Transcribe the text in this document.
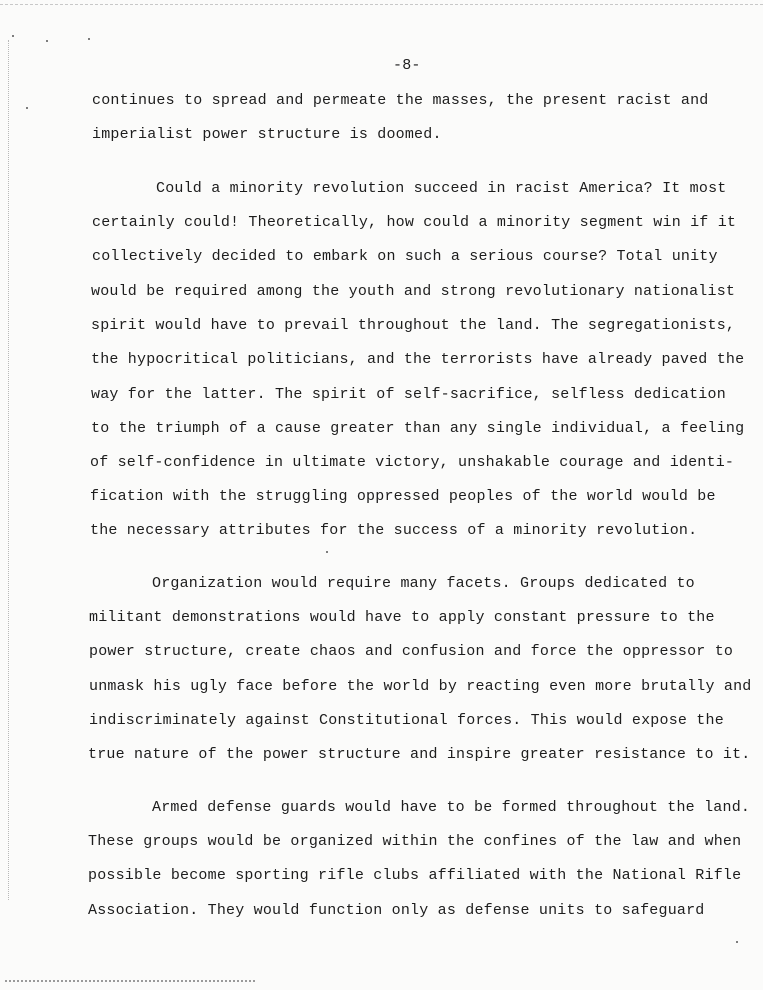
-8-
continues to spread and permeate the masses, the present racist and
imperialist power structure is doomed.
Could a minority revolution succeed in racist America? It most
certainly could! Theoretically, how could a minority segment win if it
collectively decided to embark on such a serious course? Total unity
would be required among the youth and strong revolutionary nationalist
spirit would have to prevail throughout the land. The segregationists,
the hypocritical politicians, and the terrorists have already paved the
way for the latter. The spirit of self-sacrifice, selfless dedication
to the triumph of a cause greater than any single individual, a feeling
of self-confidence in ultimate victory, unshakable courage and identi-
fication with the struggling oppressed peoples of the world would be
the necessary attributes for the success of a minority revolution.
Organization would require many facets. Groups dedicated to
militant demonstrations would have to apply constant pressure to the
power structure, create chaos and confusion and force the oppressor to
unmask his ugly face before the world by reacting even more brutally and
indiscriminately against Constitutional forces. This would expose the
true nature of the power structure and inspire greater resistance to it.
Armed defense guards would have to be formed throughout the land.
These groups would be organized within the confines of the law and when
possible become sporting rifle clubs affiliated with the National Rifle
Association. They would function only as defense units to safeguard
